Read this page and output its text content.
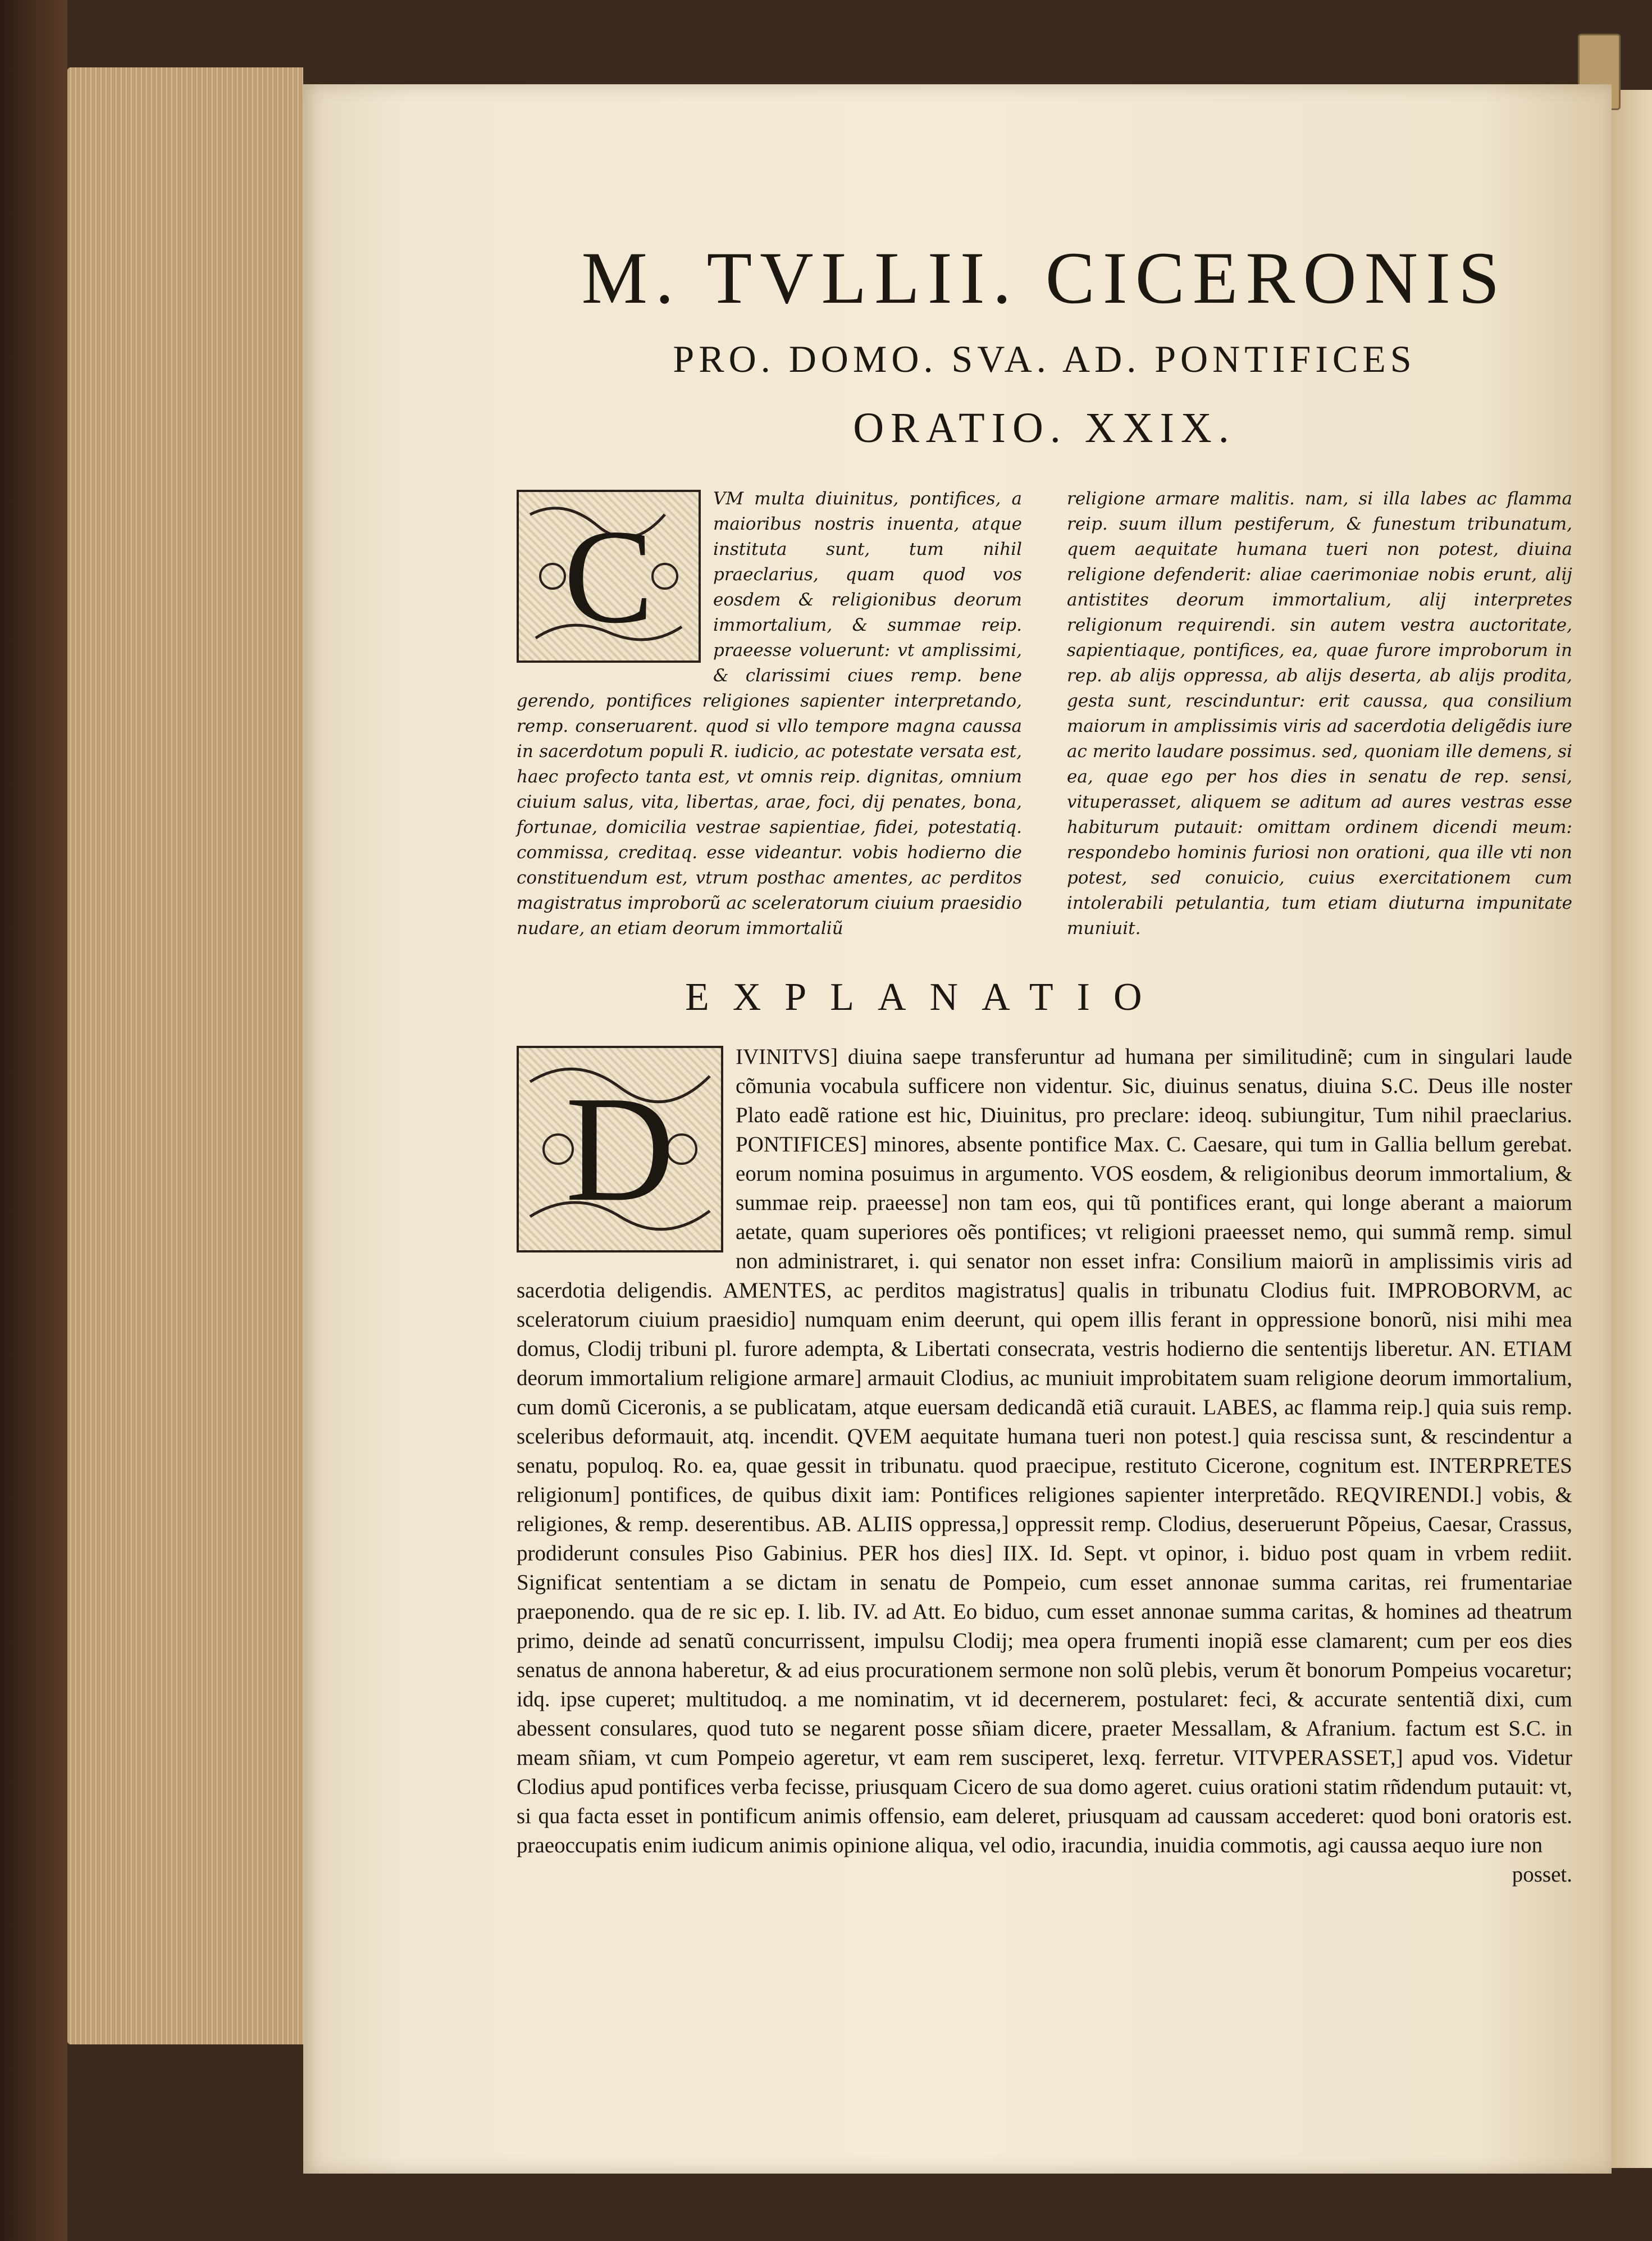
M. TVLLII. CICERONIS
PRO. DOMO. SVA. AD. PONTIFICES
ORATIO. XXIX.
C
VM multa diuinitus, pontifices, a maioribus nostris inuenta, atque instituta sunt, tum nihil praeclarius, quam quod vos eosdem & religionibus deorum immortalium, & summae reip. praeesse voluerunt: vt amplissimi, & clarissimi ciues remp. bene gerendo, pontifices religiones sapienter interpretando, remp. conseruarent. quod si vllo tempore magna caussa in sacerdotum populi R. iudicio, ac potestate versata est, haec profecto tanta est, vt omnis reip. dignitas, omnium ciuium salus, vita, libertas, arae, foci, dij penates, bona, fortunae, domicilia vestrae sapientiae, fidei, potestatiq. commissa, creditaq. esse videantur. vobis hodierno die constituendum est, vtrum posthac amentes, ac perditos magistratus improborũ ac sceleratorum ciuium praesidio nudare, an etiam deorum immortaliũ
religione armare malitis. nam, si illa labes ac flamma reip. suum illum pestiferum, & funestum tribunatum, quem aequitate humana tueri non potest, diuina religione defenderit: aliae caerimoniae nobis erunt, alij antistites deorum immortalium, alij interpretes religionum requirendi. sin autem vestra auctoritate, sapientiaque, pontifices, ea, quae furore improborum in rep. ab alijs oppressa, ab alijs deserta, ab alijs prodita, gesta sunt, rescinduntur: erit caussa, qua consilium maiorum in amplissimis viris ad sacerdotia deligẽdis iure ac merito laudare possimus. sed, quoniam ille demens, si ea, quae ego per hos dies in senatu de rep. sensi, vituperasset, aliquem se aditum ad aures vestras esse habiturum putauit: omittam ordinem dicendi meum: respondebo hominis furiosi non orationi, qua ille vti non potest, sed conuicio, cuius exercitationem cum intolerabili petulantia, tum etiam diuturna impunitate muniuit.
EXPLANATIO
D
IVINITVS] diuina saepe transferuntur ad humana per similitudinẽ; cum in singulari laude cõmunia vocabula sufficere non videntur. Sic, diuinus senatus, diuina S.C. Deus ille noster Plato eadẽ ratione est hic, Diuinitus, pro preclare: ideoq. subiungitur, Tum nihil praeclarius. PONTIFICES] minores, absente pontifice Max. C. Caesare, qui tum in Gallia bellum gerebat. eorum nomina posuimus in argumento. VOS eosdem, & religionibus deorum immortalium, & summae reip. praeesse] non tam eos, qui tũ pontifices erant, qui longe aberant a maiorum aetate, quam superiores oẽs pontifices; vt religioni praeesset nemo, qui summã remp. simul non administraret, i. qui senator non esset infra: Consilium maiorũ in amplissimis viris ad sacerdotia deligendis. AMENTES, ac perditos magistratus] qualis in tribunatu Clodius fuit. IMPROBORVM, ac sceleratorum ciuium praesidio] numquam enim deerunt, qui opem illis ferant in oppressione bonorũ, nisi mihi mea domus, Clodij tribuni pl. furore adempta, & Libertati consecrata, vestris hodierno die sententijs liberetur. AN. ETIAM deorum immortalium religione armare] armauit Clodius, ac muniuit improbitatem suam religione deorum immortalium, cum domũ Ciceronis, a se publicatam, atque euersam dedicandã etiã curauit. LABES, ac flamma reip.] quia suis remp. sceleribus deformauit, atq. incendit. QVEM aequitate humana tueri non potest.] quia rescissa sunt, & rescindentur a senatu, populoq. Ro. ea, quae gessit in tribunatu. quod praecipue, restituto Cicerone, cognitum est. INTERPRETES religionum] pontifices, de quibus dixit iam: Pontifices religiones sapienter interpretãdo. REQVIRENDI.] vobis, & religiones, & remp. deserentibus. AB. ALIIS oppressa,] oppressit remp. Clodius, deseruerunt Põpeius, Caesar, Crassus, prodiderunt consules Piso Gabinius. PER hos dies] IIX. Id. Sept. vt opinor, i. biduo post quam in vrbem rediit. Significat sententiam a se dictam in senatu de Pompeio, cum esset annonae summa caritas, rei frumentariae praeponendo. qua de re sic ep. I. lib. IV. ad Att. Eo biduo, cum esset annonae summa caritas, & homines ad theatrum primo, deinde ad senatũ concurrissent, impulsu Clodij; mea opera frumenti inopiã esse clamarent; cum per eos dies senatus de annona haberetur, & ad eius procurationem sermone non solũ plebis, verum ẽt bonorum Pompeius vocaretur; idq. ipse cuperet; multitudoq. a me nominatim, vt id decernerem, postularet: feci, & accurate sententiã dixi, cum abessent consulares, quod tuto se negarent posse sñiam dicere, praeter Messallam, & Afranium. factum est S.C. in meam sñiam, vt cum Pompeio ageretur, vt eam rem susciperet, lexq. ferretur. VITVPERASSET,] apud vos. Videtur Clodius apud pontifices verba fecisse, priusquam Cicero de sua domo ageret. cuius orationi statim rñdendum putauit: vt, si qua facta esset in pontificum animis offensio, eam deleret, priusquam ad caussam accederet: quod boni oratoris est. praeoccupatis enim iudicum animis opinione aliqua, vel odio, iracundia, inuidia commotis, agi caussa aequo iure non
posset.
